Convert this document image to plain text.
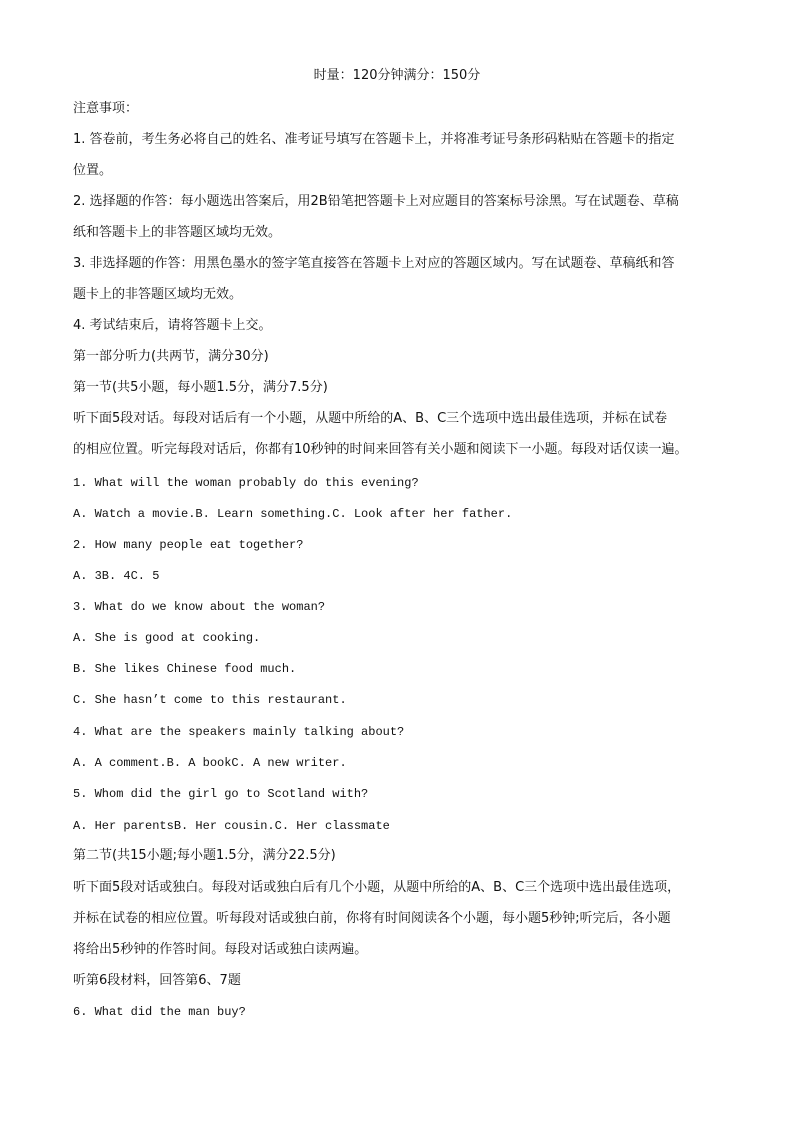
时量：120分钟满分：150分
注意事项：
1. 答卷前，考生务必将自己的姓名、准考证号填写在答题卡上，并将准考证号条形码粘贴在答题卡的指定
位置。
2. 选择题的作答：每小题选出答案后，用2B铅笔把答题卡上对应题目的答案标号涂黑。写在试题卷、草稿
纸和答题卡上的非答题区域均无效。
3. 非选择题的作答：用黑色墨水的签字笔直接答在答题卡上对应的答题区域内。写在试题卷、草稿纸和答
题卡上的非答题区域均无效。
4. 考试结束后，请将答题卡上交。
第一部分听力(共两节，满分30分)
第一节(共5小题，每小题1.5分，满分7.5分)
听下面5段对话。每段对话后有一个小题，从题中所给的A、B、C三个选项中选出最佳选项，并标在试卷
的相应位置。听完每段对话后，你都有10秒钟的时间来回答有关小题和阅读下一小题。每段对话仅读一遍。
1. What will the woman probably do this evening?
A. Watch a movie.B. Learn something.C. Look after her father.
2. How many people eat together?
A. 3B. 4C. 5
3. What do we know about the woman?
A. She is good at cooking.
B. She likes Chinese food much.
C. She hasn’t come to this restaurant.
4. What are the speakers mainly talking about?
A. A comment.B. A bookC. A new writer.
5. Whom did the girl go to Scotland with?
A. Her parentsB. Her cousin.C. Her classmate
第二节(共15小题;每小题1.5分，满分22.5分)
听下面5段对话或独白。每段对话或独白后有几个小题，从题中所给的A、B、C三个选项中选出最佳选项，
并标在试卷的相应位置。听每段对话或独白前，你将有时间阅读各个小题，每小题5秒钟;听完后，各小题
将给出5秒钟的作答时间。每段对话或独白读两遍。
听第6段材料，回答第6、7题
6. What did the man buy?
